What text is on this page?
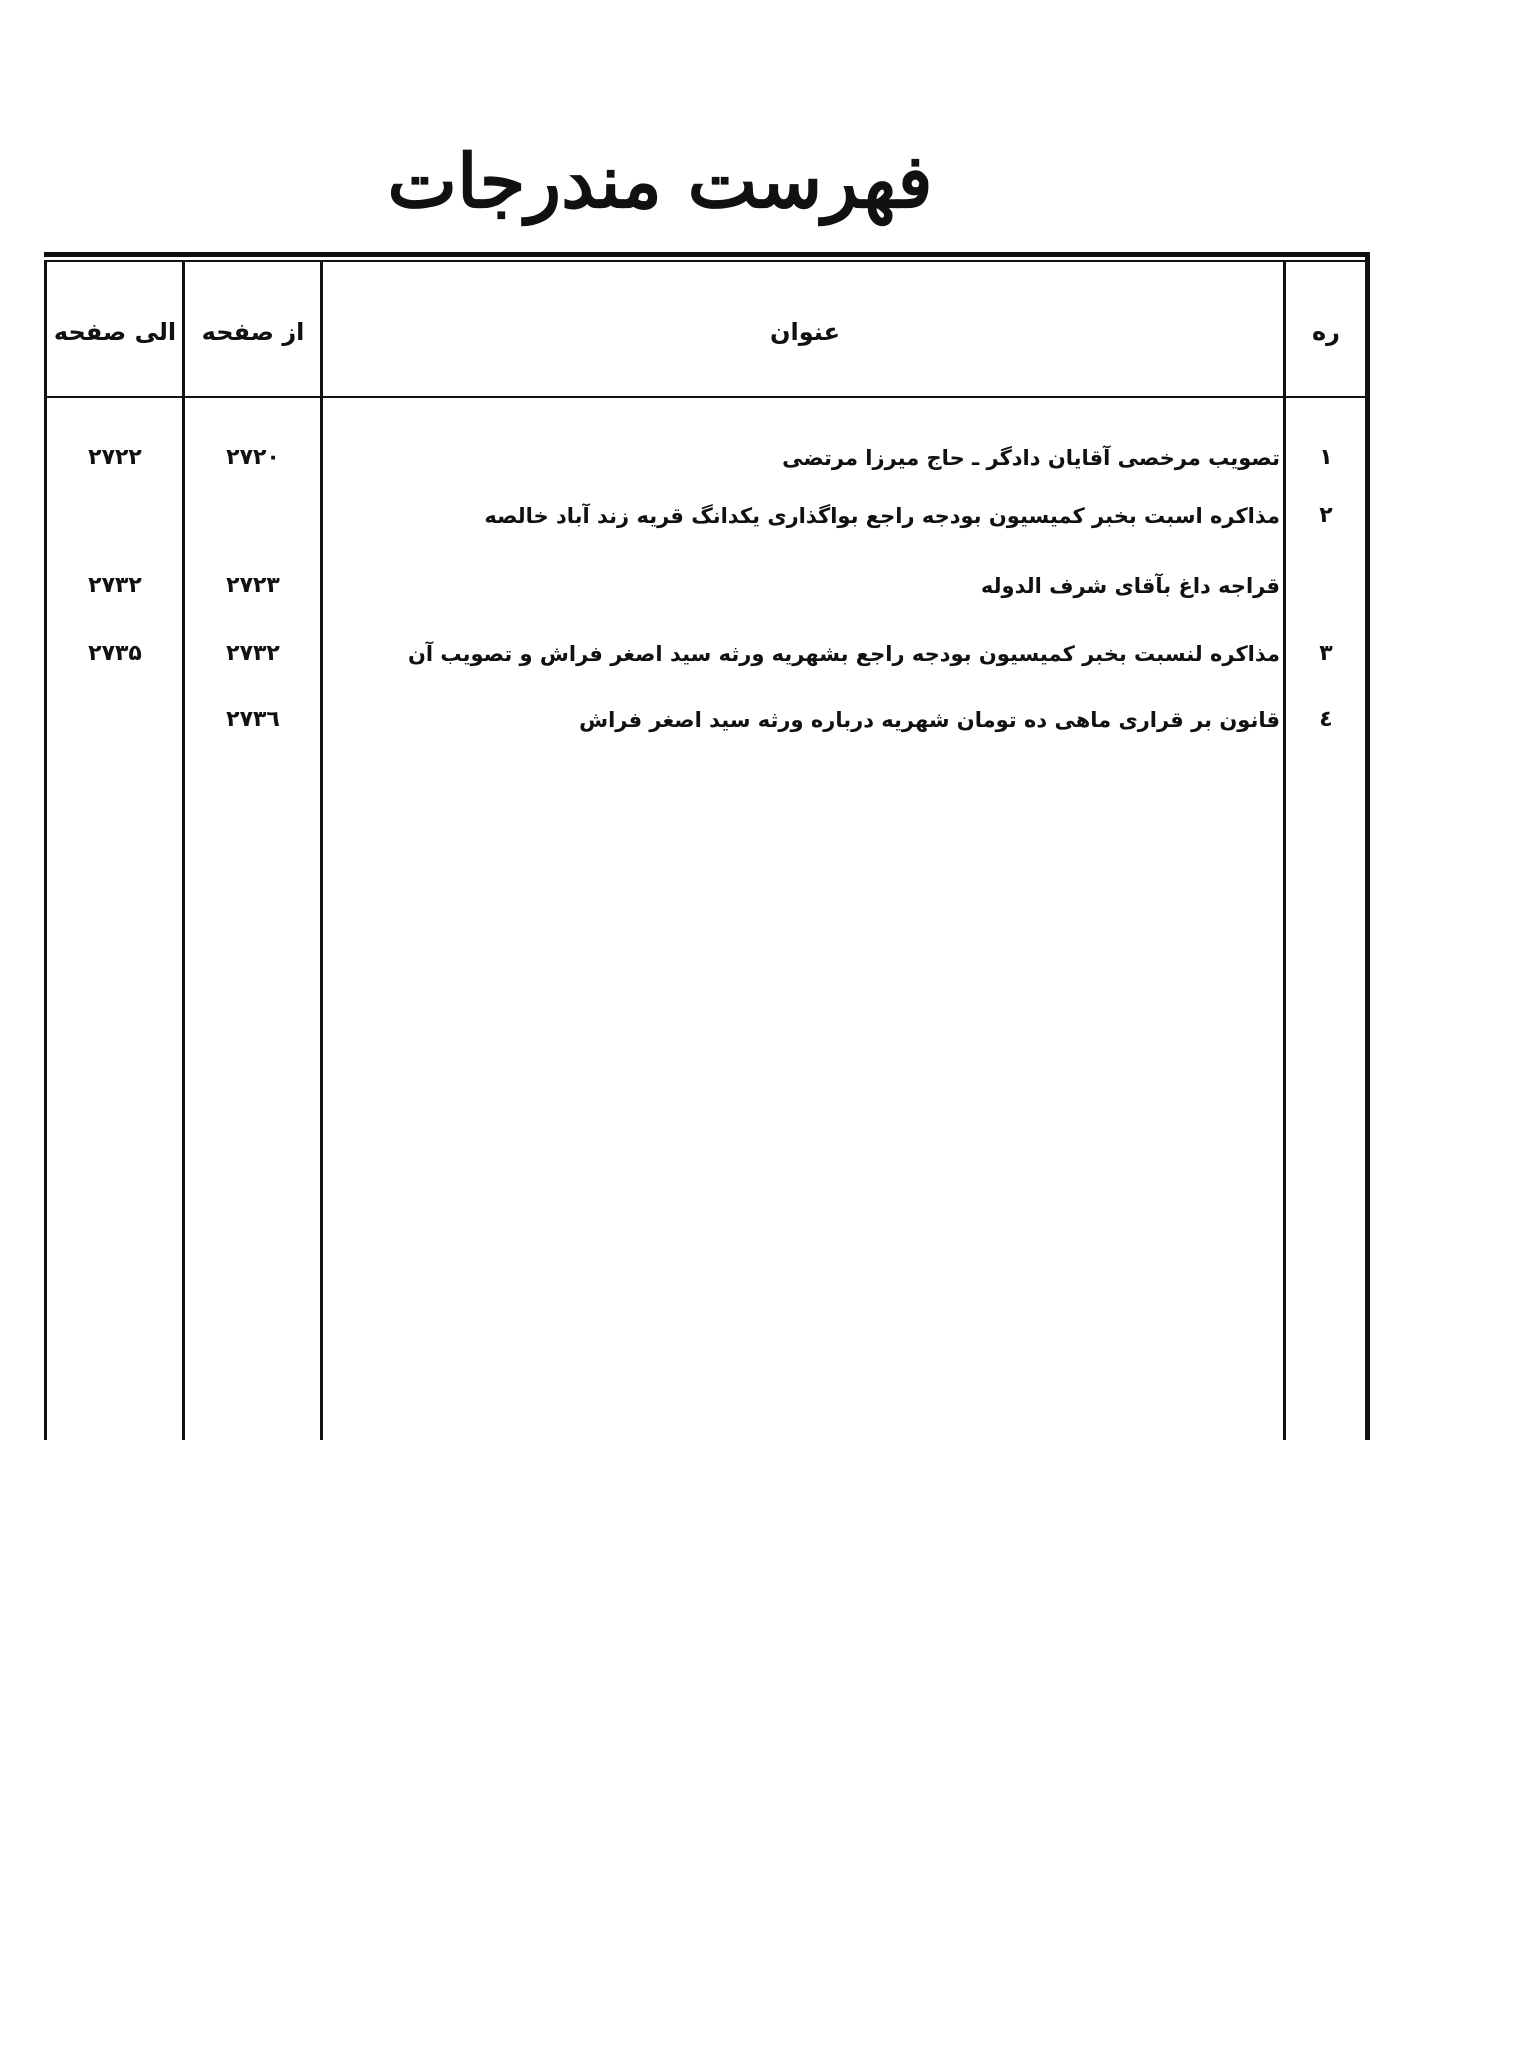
فهرست مندرجات
ره
عنوان
از صفحه
الی صفحه
۱
تصویب مرخصی آقایان دادگر ـ حاج میرزا مرتضی
۲۷۲۰
۲۷۲۲
۲
مذاکره اسبت بخبر کمیسیون بودجه راجع بواگذاری یکدانگ قریه زند آباد خالصه
قراجه داغ بآقای شرف الدوله
۲۷۲۳
۲۷۳۲
۳
مذاکره لنسبت بخبر کمیسیون بودجه راجع بشهریه ورثه سید اصغر فراش و تصویب آن
۲۷۳۲
۲۷۳۵
٤
قانون بر قراری ماهی ده تومان شهریه درباره ورثه سید اصغر فراش
۲۷۳٦
